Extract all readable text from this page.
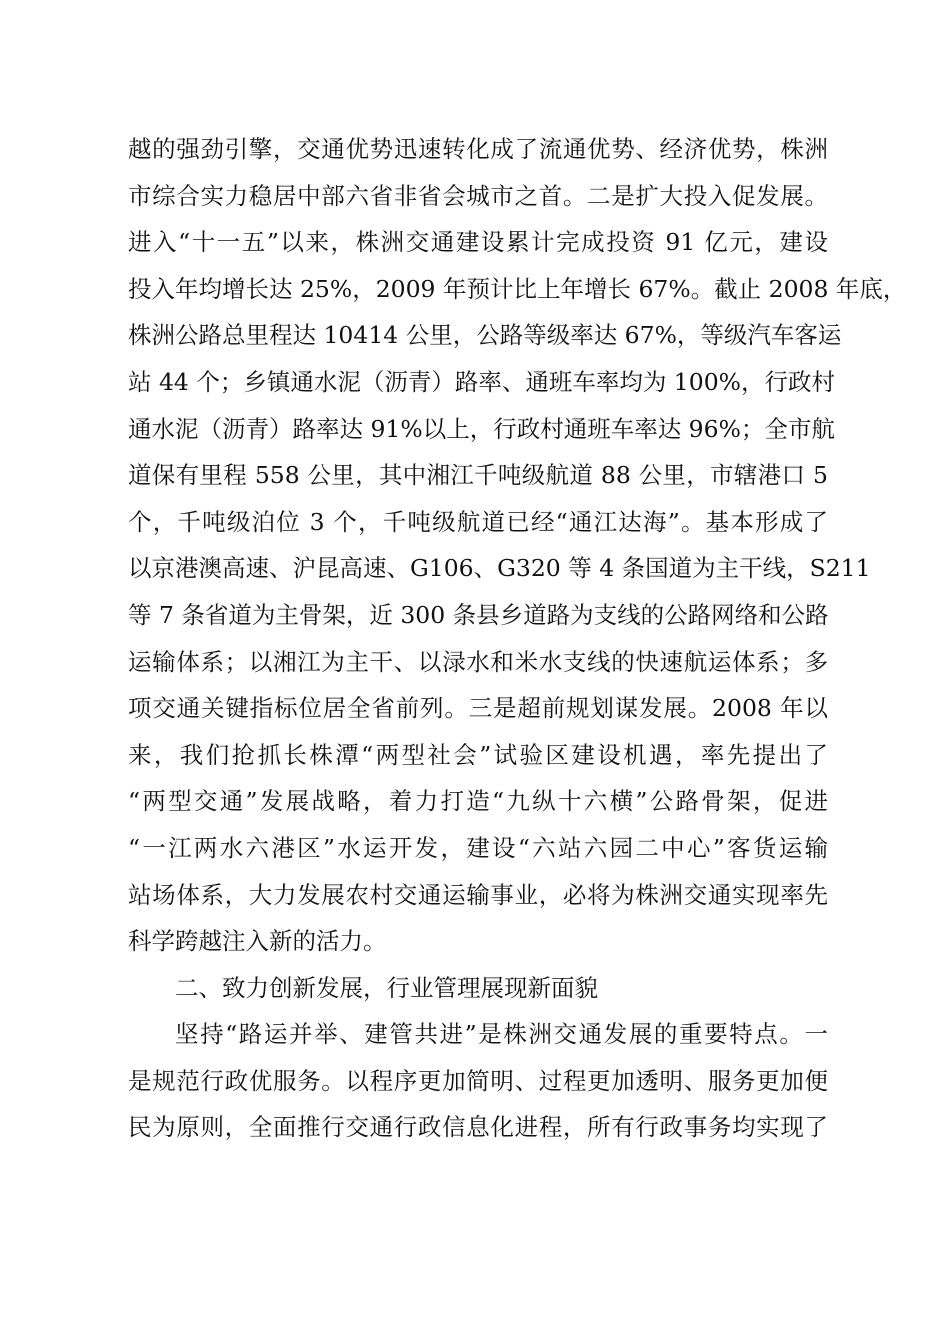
越的强劲引擎，交通优势迅速转化成了流通优势、经济优势，株洲
市综合实力稳居中部六省非省会城市之首。二是扩大投入促发展。
进入“十一五”以来，株洲交通建设累计完成投资 91 亿元，建设
投入年均增长达 25%，2009 年预计比上年增长 67%。截止 2008 年底，
株洲公路总里程达 10414 公里，公路等级率达 67%，等级汽车客运
站 44 个；乡镇通水泥（沥青）路率、通班车率均为 100%，行政村
通水泥（沥青）路率达 91%以上，行政村通班车率达 96%；全市航
道保有里程 558 公里，其中湘江千吨级航道 88 公里，市辖港口 5
个，千吨级泊位 3 个，千吨级航道已经“通江达海”。基本形成了
以京港澳高速、沪昆高速、G106、G320 等 4 条国道为主干线，S211
等 7 条省道为主骨架，近 300 条县乡道路为支线的公路网络和公路
运输体系；以湘江为主干、以渌水和米水支线的快速航运体系；多
项交通关键指标位居全省前列。三是超前规划谋发展。2008 年以
来，我们抢抓长株潭“两型社会”试验区建设机遇，率先提出了
“两型交通”发展战略，着力打造“九纵十六横”公路骨架，促进
“一江两水六港区”水运开发，建设“六站六园二中心”客货运输
站场体系，大力发展农村交通运输事业，必将为株洲交通实现率先
科学跨越注入新的活力。
二、致力创新发展，行业管理展现新面貌
坚持“路运并举、建管共进”是株洲交通发展的重要特点。一
是规范行政优服务。以程序更加简明、过程更加透明、服务更加便
民为原则，全面推行交通行政信息化进程，所有行政事务均实现了
